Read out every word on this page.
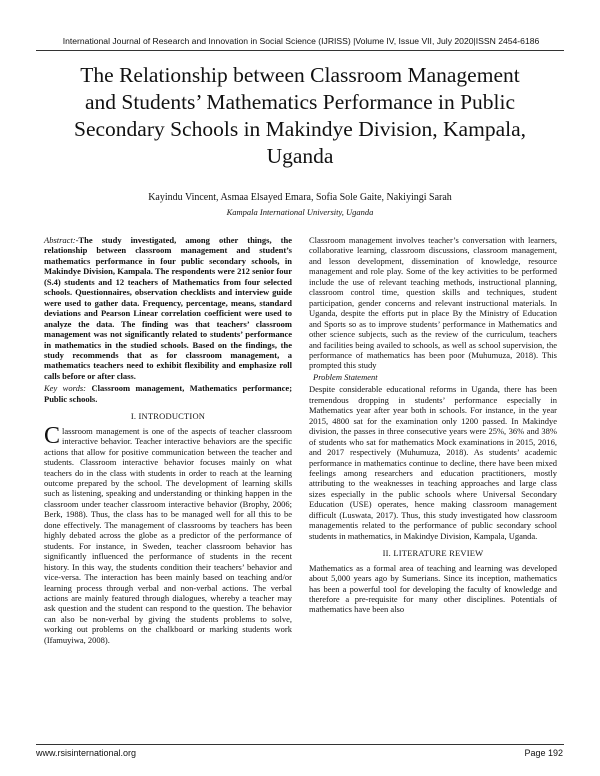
International Journal of Research and Innovation in Social Science (IJRISS) |Volume IV, Issue VII, July 2020|ISSN 2454-6186
The Relationship between Classroom Management
and Students’ Mathematics Performance in Public
Secondary Schools in Makindye Division, Kampala,
Uganda

Kayindu Vincent, Asmaa Elsayed Emara, Sofia Sole Gaite, Nakiyingi Sarah

Kampala International University, Uganda

Abstract:-The study investigated, among other things, the relationship between classroom management and student’s mathematics performance in four public secondary schools, in Makindye Division, Kampala. The respondents were 212 senior four (S.4) students and 12 teachers of Mathematics from four selected schools. Questionnaires, observation checklists and interview guide were used to gather data. Frequency, percentage, means, standard deviations and Pearson Linear correlation coefficient were used to analyze the data. The finding was that teachers’ classroom management was not significantly related to students’ performance in mathematics in the studied schools. Based on the findings, the study recommends that as for classroom management, a mathematics teachers need to exhibit flexibility and emphasize roll calls before or after class.

Key words: Classroom management, Mathematics performance; Public schools.

I. INTRODUCTION

Classroom management is one of the aspects of teacher classroom interactive behavior. Teacher interactive behaviors are the specific actions that allow for positive communication between the teacher and students. Classroom interactive behavior focuses mainly on what teachers do in the class with students in order to reach at the learning outcome prepared by the school. The development of learning skills such as listening, speaking and understanding or thinking happen in the classroom under teacher classroom interactive behavior (Brophy, 2006; Berk, 1988). Thus, the class has to be managed well for all this to be done effectively. The management of classrooms by teachers has been highly debated across the globe as a predictor of the performance of students. For instance, in Sweden, teacher classroom behavior has significantly influenced the performance of students in the recent history. In this way, the students condition their teachers’ behavior and vice-versa. The interaction has been mainly based on teaching and/or learning process through verbal and non-verbal actions. The verbal actions are mainly featured through dialogues, whereby a teacher may ask question and the student can respond to the question. The behavior can also be non-verbal by giving the students problems to solve, working out problems on the chalkboard or marking students work (Ifamuyiwa, 2008).

Classroom management involves teacher’s conversation with learners, collaborative learning, classroom discussions, classroom management, and lesson development, dissemination of knowledge, resource management and role play. Some of the key activities to be performed include the use of relevant teaching methods, instructional planning, classroom control time, question skills and techniques, student participation, gender concerns and relevant instructional materials. In Uganda, despite the efforts put in place By the Ministry of Education and Sports so as to improve students’ performance in Mathematics and other science subjects, such as the review of the curriculum, teachers and facilities being availed to schools, as well as school supervision, the performance of mathematics has been poor (Muhumuza, 2018). This prompted this study

Problem Statement

Despite considerable educational reforms in Uganda, there has been tremendous dropping in students’ performance especially in Mathematics year after year both in schools. For instance, in the year 2015, 4800 sat for the examination only 1200 passed. In Makindye division, the passes in three consecutive years were 25%, 36% and 38% of students who sat for mathematics Mock examinations in 2015, 2016, and 2017 respectively (Muhumuza, 2018). As students’ academic performance in mathematics continue to decline, there have been mixed feelings among researchers and education practitioners, mostly attributing to the weaknesses in teaching approaches and large class sizes especially in the public schools where Universal Secondary Education (USE) operates, hence making classroom management difficult (Luswata, 2017). Thus, this study investigated how classroom managementis related to the performance of public secondary school students in mathematics, in Makindye Division, Kampala, Uganda.

II. LITERATURE REVIEW

Mathematics as a formal area of teaching and learning was developed about 5,000 years ago by Sumerians. Since its inception, mathematics has been a powerful tool for developing the faculty of knowledge and therefore a pre-requisite for many other disciplines. Potentials of mathematics have been also

www.rsisinternational.org	Page 192
